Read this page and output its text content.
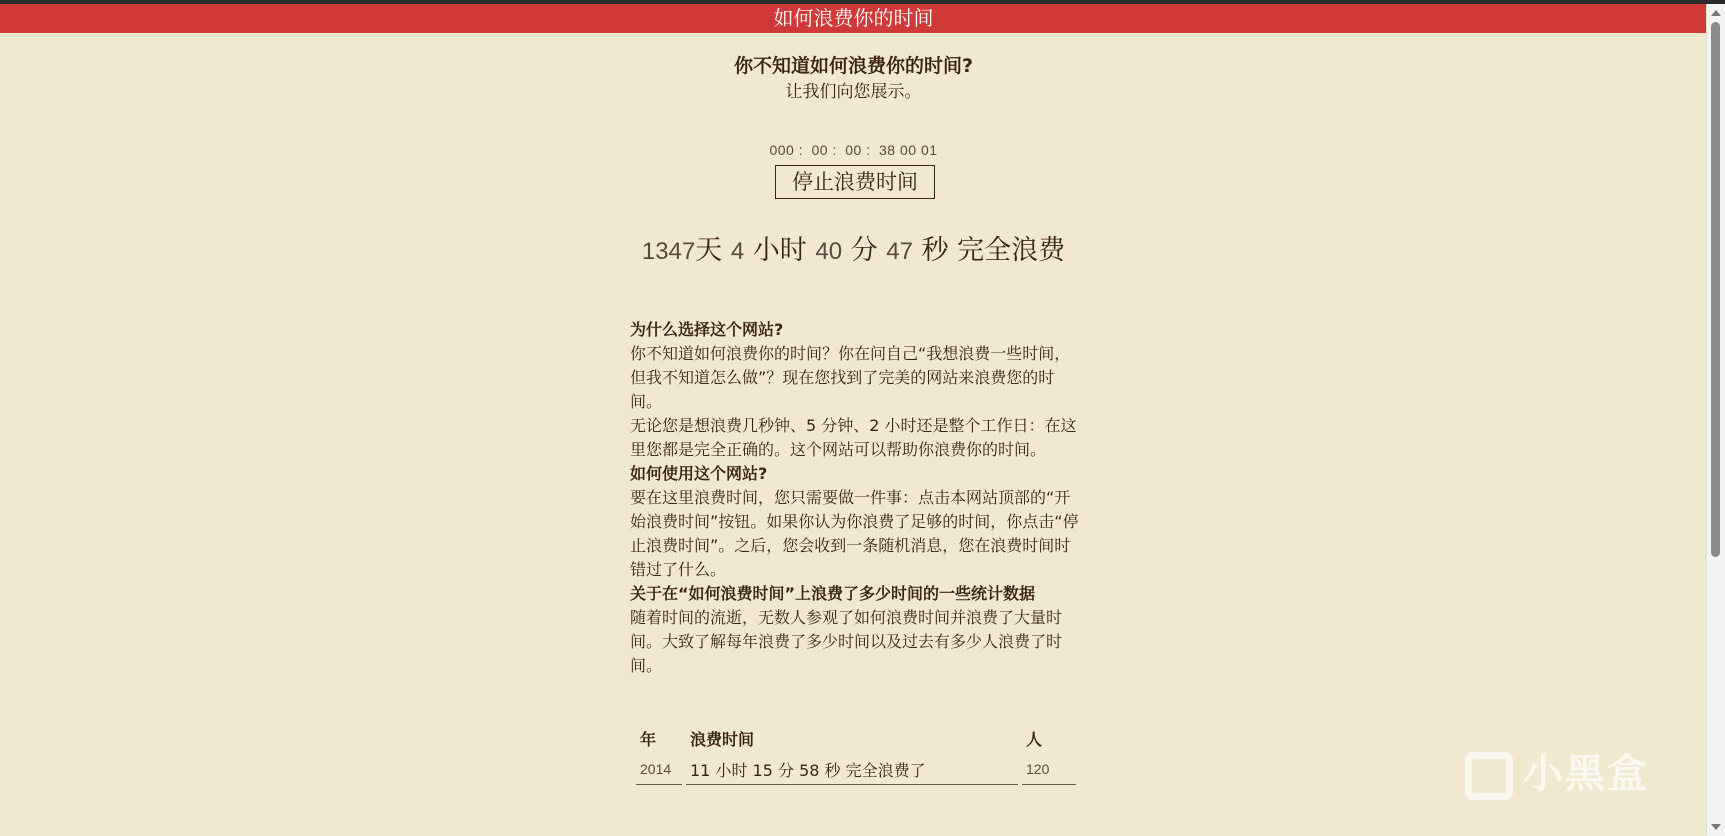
如何浪费你的时间
你不知道如何浪费你的时间?
让我们向您展示。
000 : 00 : 00 : 38 00 01
停止浪费时间
1347天 4 小时 40 分 47 秒 完全浪费
为什么选择这个网站?

你不知道如何浪费你的时间？你在问自己“我想浪费一些时间，但我不知道怎么做”？现在您找到了完美的网站来浪费您的时间。

无论您是想浪费几秒钟、5 分钟、2 小时还是整个工作日：在这里您都是完全正确的。这个网站可以帮助你浪费你的时间。

如何使用这个网站?

要在这里浪费时间，您只需要做一件事：点击本网站顶部的“开始浪费时间”按钮。如果你认为你浪费了足够的时间，你点击“停止浪费时间”。之后，您会收到一条随机消息，您在浪费时间时错过了什么。

关于在“如何浪费时间”上浪费了多少时间的一些统计数据

随着时间的流逝，无数人参观了如何浪费时间并浪费了大量时间。大致了解每年浪费了多少时间以及过去有多少人浪费了时间。

年	浪费时间	人
2014	11 小时 15 分 58 秒 完全浪费了	120	小黑盒
